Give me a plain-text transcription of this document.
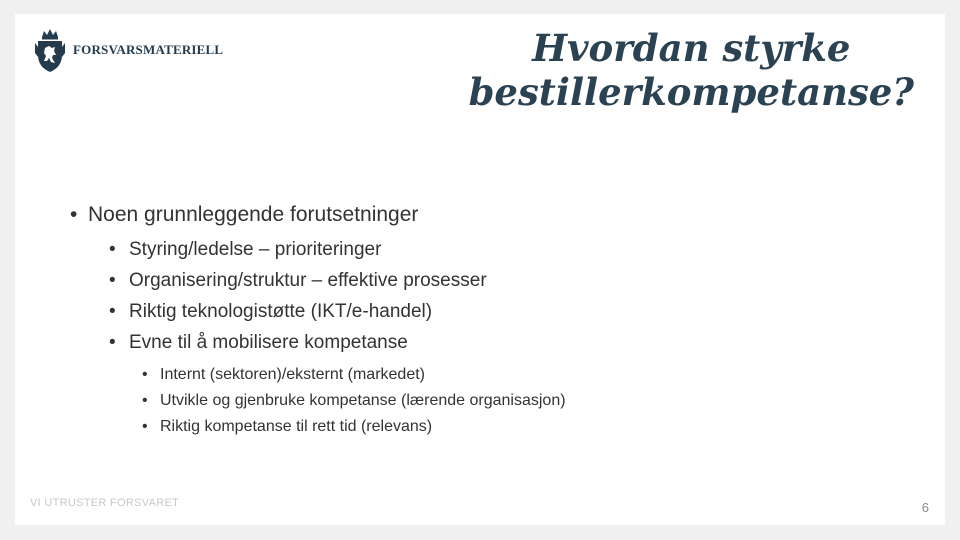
FORSVARSMATERIELL	Hvordan styrke
bestillerkompetanse?
• Noen grunnleggende forutsetninger
• Styring/ledelse – prioriteringer
• Organisering/struktur – effektive prosesser
• Riktig teknologistøtte (IKT/e-handel)
• Evne til å mobilisere kompetanse
• Internt (sektoren)/eksternt (markedet)
• Utvikle og gjenbruke kompetanse (lærende organisasjon)
• Riktig kompetanse til rett tid (relevans)
VI UTRUSTER FORSVARET	6
